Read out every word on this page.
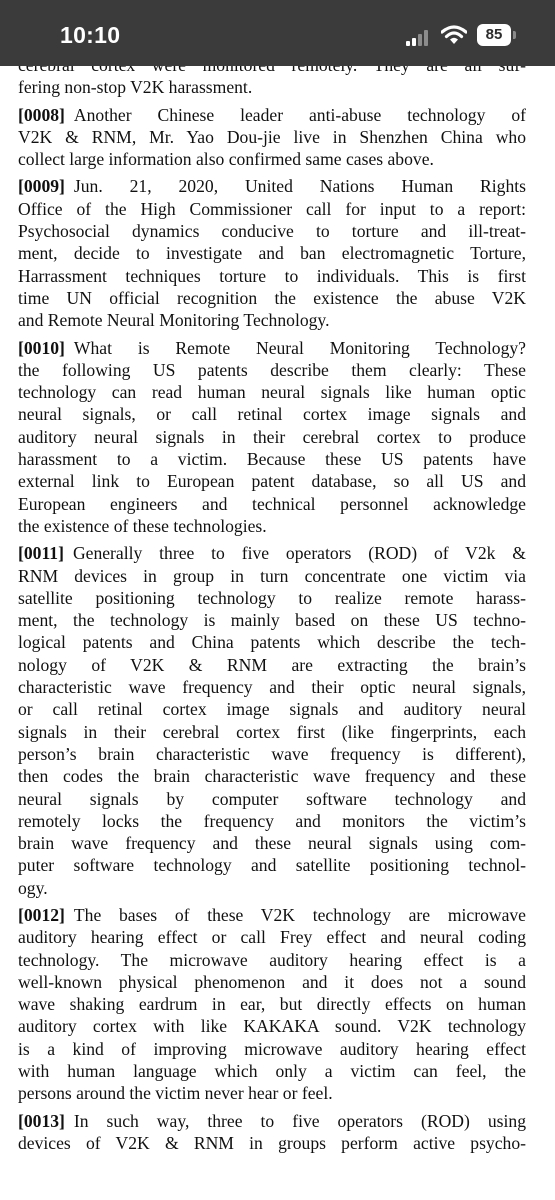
10:10	85
fering non-stop V2K harassment.
[0008] Another Chinese leader anti-abuse technology of
V2K & RNM, Mr. Yao Dou-jie live in Shenzhen China who
collect large information also confirmed same cases above.
[0009] Jun. 21, 2020, United Nations Human Rights
Office of the High Commissioner call for input to a report:
Psychosocial dynamics conducive to torture and ill-treat-
ment, decide to investigate and ban electromagnetic Torture,
Harrassment techniques torture to individuals. This is first
time UN official recognition the existence the abuse V2K
and Remote Neural Monitoring Technology.
[0010] What is Remote Neural Monitoring Technology?
the following US patents describe them clearly: These
technology can read human neural signals like human optic
neural signals, or call retinal cortex image signals and
auditory neural signals in their cerebral cortex to produce
harassment to a victim. Because these US patents have
external link to European patent database, so all US and
European engineers and technical personnel acknowledge
the existence of these technologies.
[0011] Generally three to five operators (ROD) of V2k &
RNM devices in group in turn concentrate one victim via
satellite positioning technology to realize remote harass-
ment, the technology is mainly based on these US techno-
logical patents and China patents which describe the tech-
nology of V2K & RNM are extracting the brain’s
characteristic wave frequency and their optic neural signals,
or call retinal cortex image signals and auditory neural
signals in their cerebral cortex first (like fingerprints, each
person’s brain characteristic wave frequency is different),
then codes the brain characteristic wave frequency and these
neural signals by computer software technology and
remotely locks the frequency and monitors the victim’s
brain wave frequency and these neural signals using com-
puter software technology and satellite positioning technol-
ogy.
[0012] The bases of these V2K technology are microwave
auditory hearing effect or call Frey effect and neural coding
technology. The microwave auditory hearing effect is a
well-known physical phenomenon and it does not a sound
wave shaking eardrum in ear, but directly effects on human
auditory cortex with like KAKAKA sound. V2K technology
is a kind of improving microwave auditory hearing effect
with human language which only a victim can feel, the
persons around the victim never hear or feel.
[0013] In such way, three to five operators (ROD) using
devices of V2K & RNM in groups perform active psycho-
